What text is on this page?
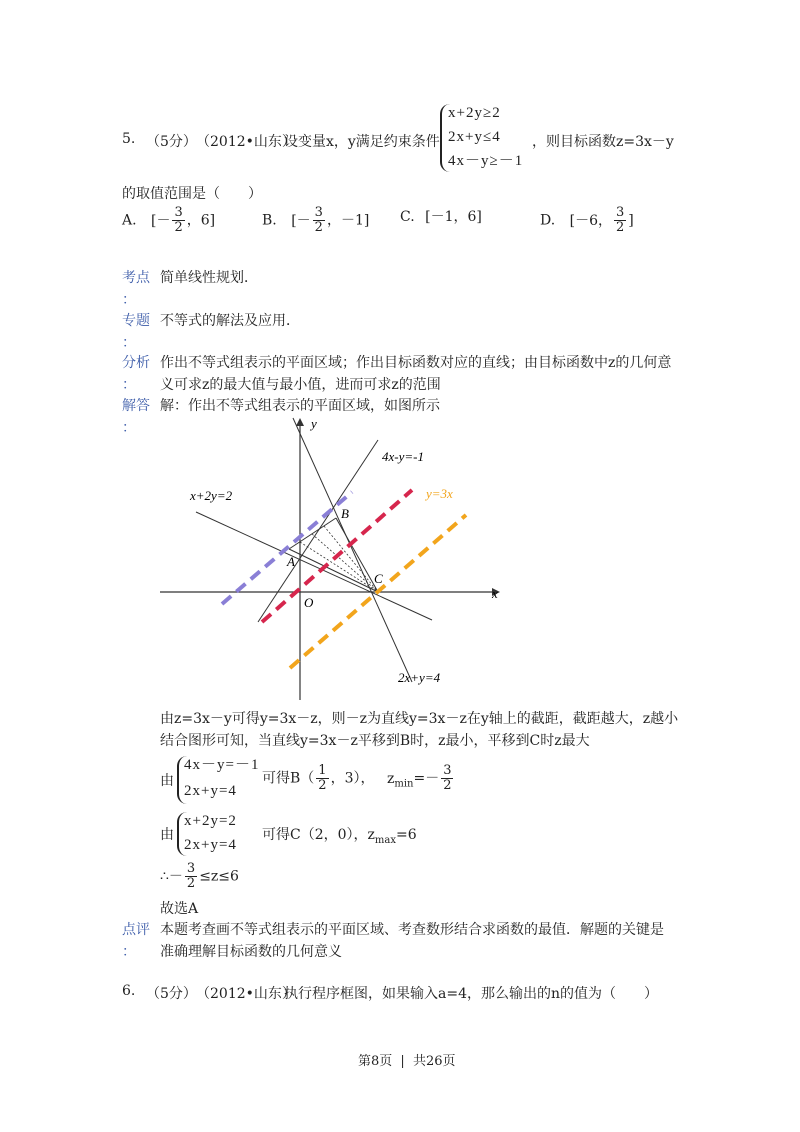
5. （5分） （2012•山东）
设变量x，y满足约束条件
x+2y≥2
2x+y≤4
4x－y≥－1
，则目标函数z=3x－y
的取值范围是（　　）
A. [－ $\frac{3}{2}$ ，6]	B. [－ $\frac{3}{2}$ ，－1] C. [－1，6]	D. [－6， $\frac{3}{2}$ ]
考点 简单线性规划．
：
专题 不等式的解法及应用．
：
分析 作出不等式组表示的平面区域；作出目标函数对应的直线；由目标函数中z的几何意
： 义可求z的最大值与最小值，进而可求z的范围
解答 解：作出不等式组表示的平面区域，如图所示
：	y
x
O
A
B
C
4x-y=-1
x+2y=2	y=3x
2x+y=4
由z=3x－y可得y=3x－z，则－z为直线y=3x－z在y轴上的截距，截距越大，z越小
结合图形可知，当直线y=3x－z平移到B时，z最小，平移到C时z最大
由
4x－y=－1
2x+y=4
可得$B( \frac{1}{2}$ ，3）， $z_{min}=- \frac{3}{2}$
由
x+2y=2
2x+y=4
可得C（2，0），$z_{max}=6$
∴－ $\frac{3}{2} \le z\le 6$
故选A
点评 本题考查画不等式组表示的平面区域、考查数形结合求函数的最值．解题的关键是
： 准确理解目标函数的几何意义
6. （5分） （2012•山东）
执行程序框图，如果输入a=4，那么输出的n的值为（　　）
第8页 | 共26页
